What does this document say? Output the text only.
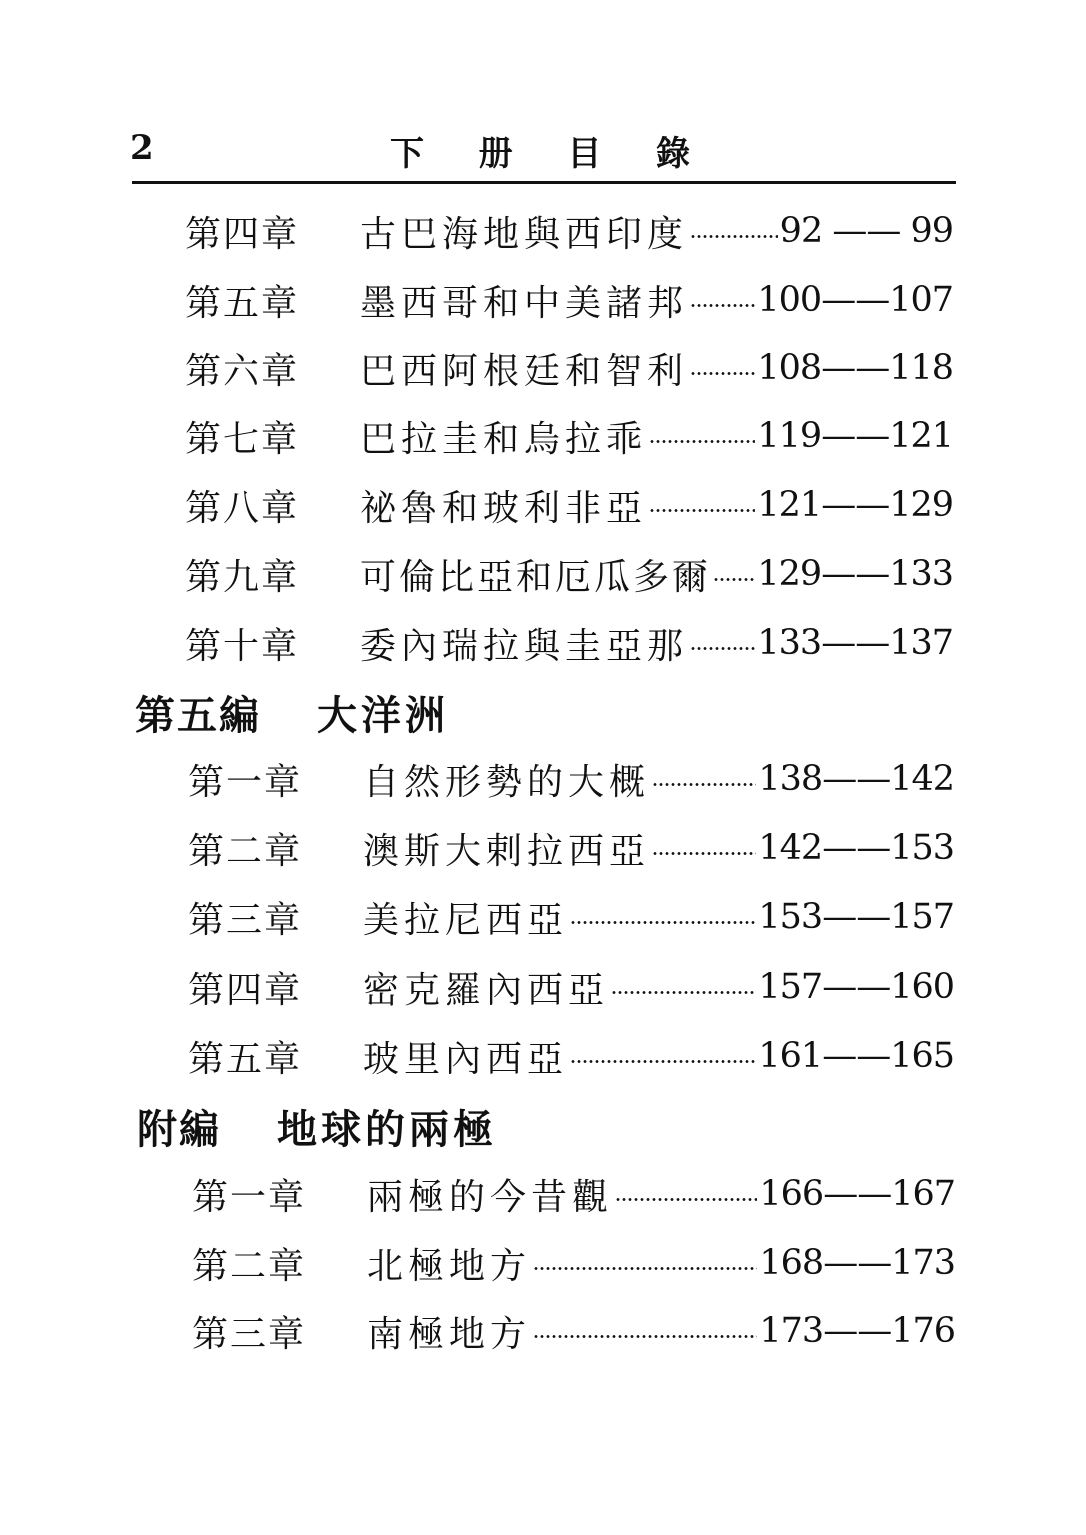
2	下 册 目 錄
第四章	古巴海地與西印度	92 —— 99
第五章	墨西哥和中美諸邦 100——107
第六章	巴西阿根廷和智利 108——118
第七章	巴拉圭和烏拉乖	119——121
第八章	祕魯和玻利非亞	121——129
第九章	可倫比亞和厄瓜多爾 129——133
第十章	委內瑞拉與圭亞那 133——137
第五編 大洋洲
第一章	自然形勢的大概	138——142
第二章	澳斯大剌拉西亞	142——153
第三章	美拉尼西亞	153——157
第四章	密克羅內西亞	157——160
第五章	玻里內西亞	161——165
附編 地球的兩極
第一章	兩極的今昔觀	166——167
第二章	北極地方	168——173
第三章	南極地方	173——176
